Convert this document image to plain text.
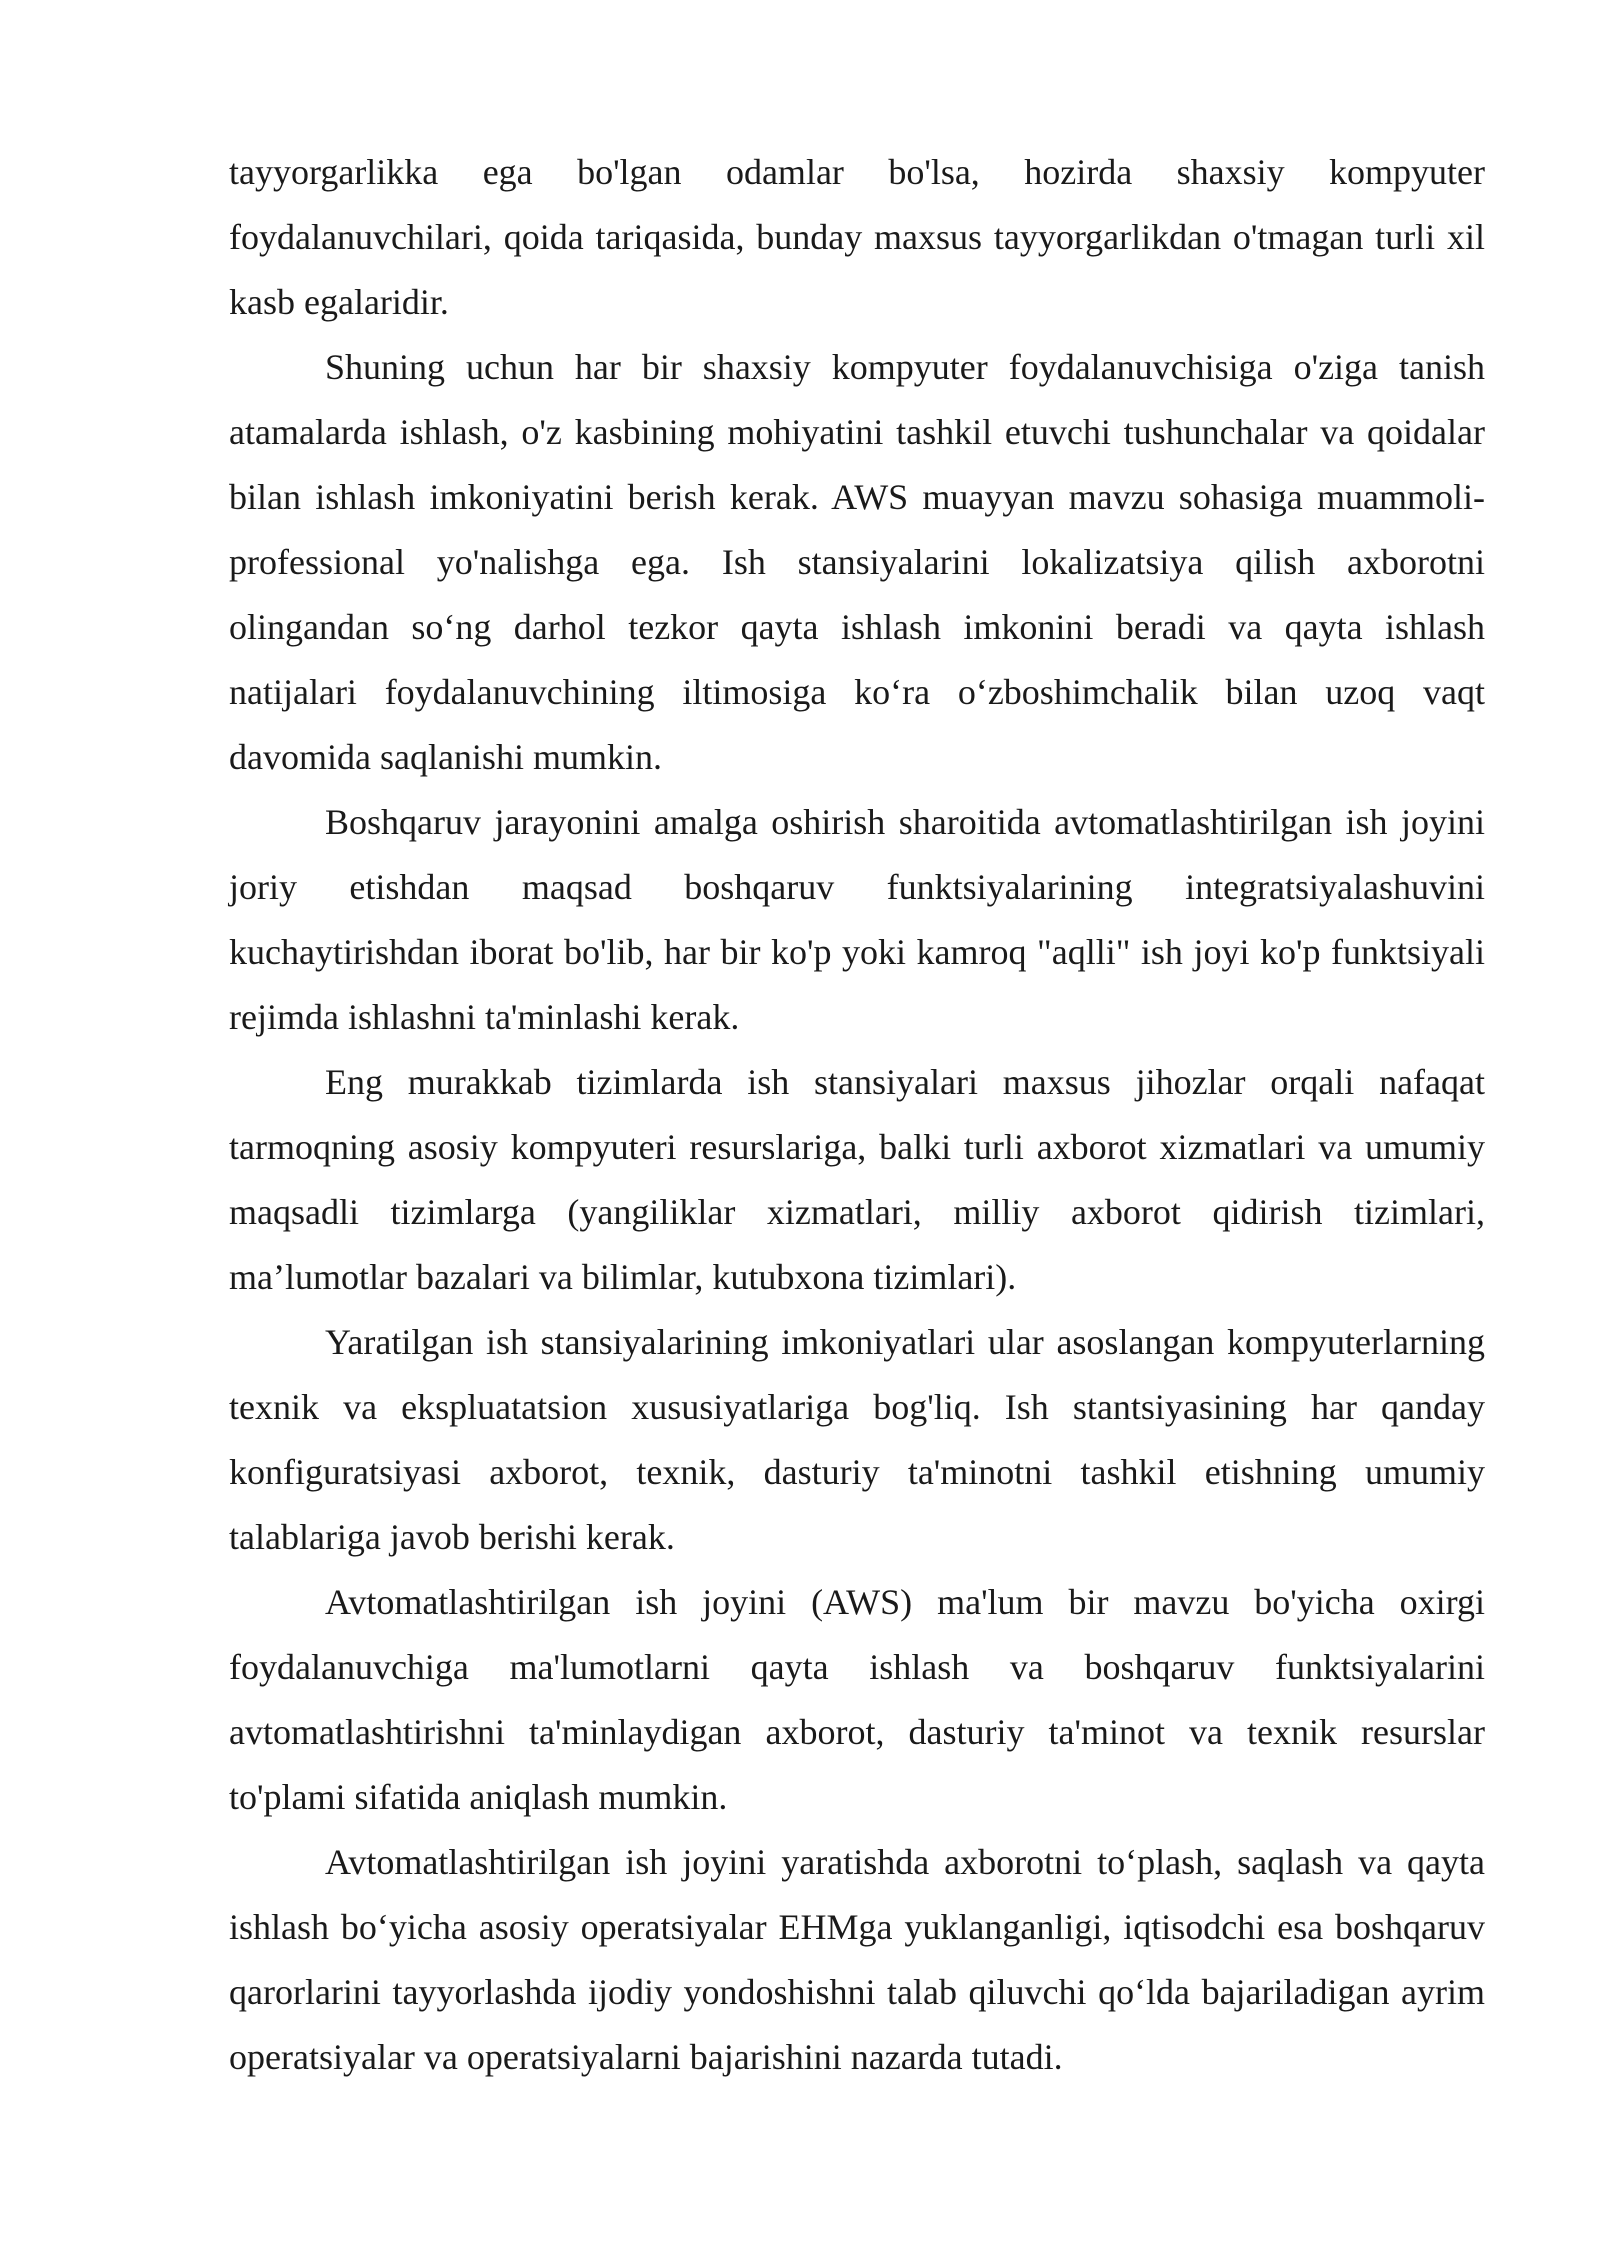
tayyorgarlikka ega bo'lgan odamlar bo'lsa, hozirda shaxsiy kompyuter foydalanuvchilari, qoida tariqasida, bunday maxsus tayyorgarlikdan o'tmagan turli xil kasb egalaridir.

Shuning uchun har bir shaxsiy kompyuter foydalanuvchisiga o'ziga tanish atamalarda ishlash, o'z kasbining mohiyatini tashkil etuvchi tushunchalar va qoidalar bilan ishlash imkoniyatini berish kerak. AWS muayyan mavzu sohasiga muammoli-professional yo'nalishga ega. Ish stansiyalarini lokalizatsiya qilish axborotni olingandan so‘ng darhol tezkor qayta ishlash imkonini beradi va qayta ishlash natijalari foydalanuvchining iltimosiga ko‘ra o‘zboshimchalik bilan uzoq vaqt davomida saqlanishi mumkin.

Boshqaruv jarayonini amalga oshirish sharoitida avtomatlashtirilgan ish joyini joriy etishdan maqsad boshqaruv funktsiyalarining integratsiyalashuvini kuchaytirishdan iborat bo'lib, har bir ko'p yoki kamroq "aqlli" ish joyi ko'p funktsiyali rejimda ishlashni ta'minlashi kerak.

Eng murakkab tizimlarda ish stansiyalari maxsus jihozlar orqali nafaqat tarmoqning asosiy kompyuteri resurslariga, balki turli axborot xizmatlari va umumiy maqsadli tizimlarga (yangiliklar xizmatlari, milliy axborot qidirish tizimlari, ma’lumotlar bazalari va bilimlar, kutubxona tizimlari).

Yaratilgan ish stansiyalarining imkoniyatlari ular asoslangan kompyuterlarning texnik va ekspluatatsion xususiyatlariga bog'liq. Ish stantsiyasining har qanday konfiguratsiyasi axborot, texnik, dasturiy ta'minotni tashkil etishning umumiy talablariga javob berishi kerak.

Avtomatlashtirilgan ish joyini (AWS) ma'lum bir mavzu bo'yicha oxirgi foydalanuvchiga ma'lumotlarni qayta ishlash va boshqaruv funktsiyalarini avtomatlashtirishni ta'minlaydigan axborot, dasturiy ta'minot va texnik resurslar to'plami sifatida aniqlash mumkin.

Avtomatlashtirilgan ish joyini yaratishda axborotni to‘plash, saqlash va qayta ishlash bo‘yicha asosiy operatsiyalar EHMga yuklanganligi, iqtisodchi esa boshqaruv qarorlarini tayyorlashda ijodiy yondoshishni talab qiluvchi qo‘lda bajariladigan ayrim operatsiyalar va operatsiyalarni bajarishini nazarda tutadi.
